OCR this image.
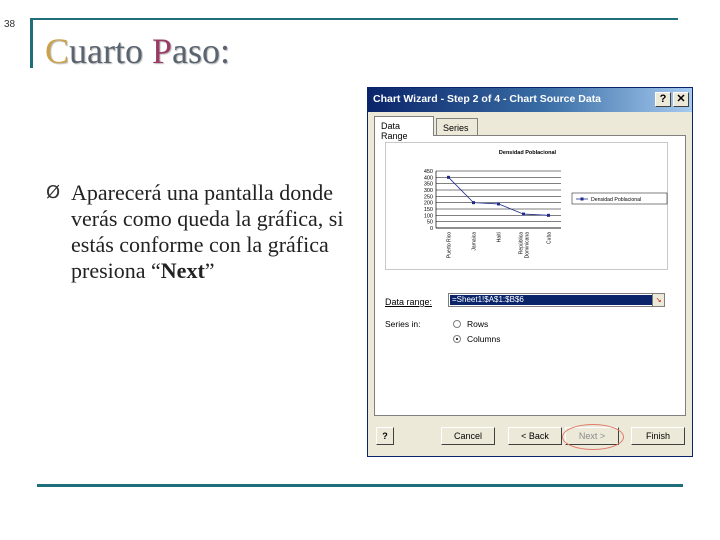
38
Cuarto Paso:
Ø Aparecerá una pantalla donde verás como queda la gráfica, si estás conforme con la gráfica presiona “Next”
Chart Wizard - Step 2 of 4 - Chart Source Data	? ✕
Data Range
Series
Densidad Poblacional
450
400
350
300
250
200
150
100
50
0
Puerto Rico	Jamaica	Haití	República Dominicana	Cuba
Densidad Poblacional
Data range: =Sheet1!$A$1:$B$6	↘
Series in:	Rows
Columns
?	Cancel	< Back	Next >	Finish
